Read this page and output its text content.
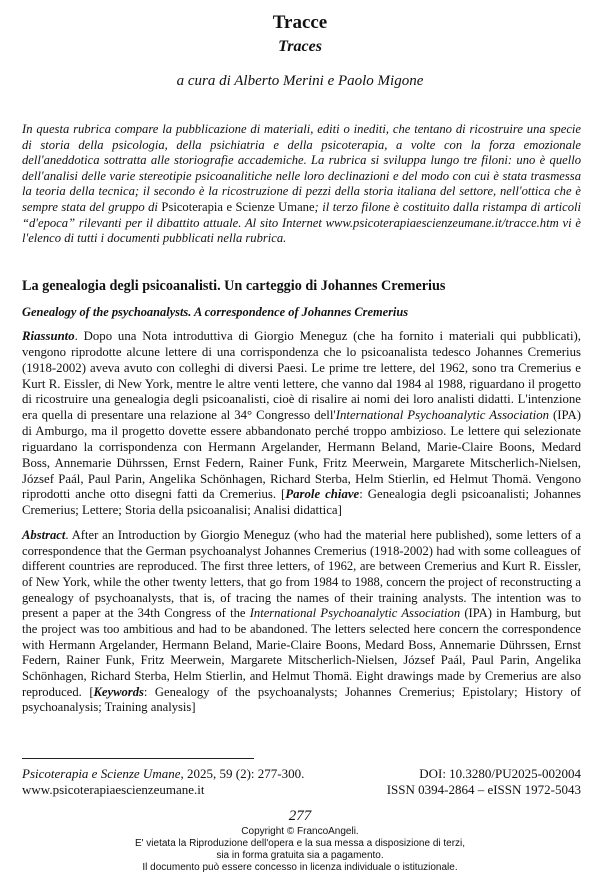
Tracce
Traces
a cura di Alberto Merini e Paolo Migone

In questa rubrica compare la pubblicazione di materiali, editi o inediti, che tentano di ricostruire una specie di storia della psicologia, della psichiatria e della psicoterapia, a volte con la forza emozionale dell'aneddotica sottratta alle storiografie accademiche. La rubrica si sviluppa lungo tre filoni: uno è quello dell'analisi delle varie stereotipie psicoanalitiche nelle loro declinazioni e del modo con cui è stata trasmessa la teoria della tecnica; il secondo è la ricostruzione di pezzi della storia italiana del settore, nell'ottica che è sempre stata del gruppo di Psicoterapia e Scienze Umane; il terzo filone è costituito dalla ristampa di articoli “d'epoca” rilevanti per il dibattito attuale. Al sito Internet www.psicoterapiaescienzeumane.it/tracce.htm vi è l'elenco di tutti i documenti pubblicati nella rubrica.

La genealogia degli psicoanalisti. Un carteggio di Johannes Cremerius
Genealogy of the psychoanalysts. A correspondence of Johannes Cremerius

Riassunto. Dopo una Nota introduttiva di Giorgio Meneguz (che ha fornito i materiali qui pubblicati), vengono riprodotte alcune lettere di una corrispondenza che lo psicoanalista tedesco Johannes Cremerius (1918-2002) aveva avuto con colleghi di diversi Paesi. Le prime tre lettere, del 1962, sono tra Cremerius e Kurt R. Eissler, di New York, mentre le altre venti lettere, che vanno dal 1984 al 1988, riguardano il progetto di ricostruire una genealogia degli psicoanalisti, cioè di risalire ai nomi dei loro analisti didatti. L'intenzione era quella di presentare una relazione al 34° Congresso dell'International Psychoanalytic Association (IPA) di Amburgo, ma il progetto dovette essere abbandonato perché troppo ambizioso. Le lettere qui selezionate riguardano la corrispondenza con Hermann Argelander, Hermann Beland, Marie-Claire Boons, Medard Boss, Annemarie Dührssen, Ernst Federn, Rainer Funk, Fritz Meerwein, Margarete Mitscherlich-Nielsen, József Paál, Paul Parin, Angelika Schönhagen, Richard Sterba, Helm Stierlin, ed Helmut Thomä. Vengono riprodotti anche otto disegni fatti da Cremerius. [Parole chiave: Genealogia degli psicoanalisti; Johannes Cremerius; Lettere; Storia della psicoanalisi; Analisi didattica]

Abstract. After an Introduction by Giorgio Meneguz (who had the material here published), some letters of a correspondence that the German psychoanalyst Johannes Cremerius (1918-2002) had with some colleagues of different countries are reproduced. The first three letters, of 1962, are between Cremerius and Kurt R. Eissler, of New York, while the other twenty letters, that go from 1984 to 1988, concern the project of reconstructing a genealogy of psychoanalysts, that is, of tracing the names of their training analysts. The intention was to present a paper at the 34th Congress of the International Psychoanalytic Association (IPA) in Hamburg, but the project was too ambitious and had to be abandoned. The letters selected here concern the correspondence with Hermann Argelander, Hermann Beland, Marie-Claire Boons, Medard Boss, Annemarie Dührssen, Ernst Federn, Rainer Funk, Fritz Meerwein, Margarete Mitscherlich-Nielsen, József Paál, Paul Parin, Angelika Schönhagen, Richard Sterba, Helm Stierlin, and Helmut Thomä. Eight drawings made by Cremerius are also reproduced. [Keywords: Genealogy of the psychoanalysts; Johannes Cremerius; Epistolary; History of psychoanalysis; Training analysis]

Psicoterapia e Scienze Umane, 2025, 59 (2): 277-300.	DOI: 10.3280/PU2025-002004
www.psicoterapiaescienzeumane.it	ISSN 0394-2864 – eISSN 1972-5043
277
Copyright © FrancoAngeli.
E' vietata la Riproduzione dell'opera e la sua messa a disposizione di terzi,
sia in forma gratuita sia a pagamento.
Il documento può essere concesso in licenza individuale o istituzionale.
